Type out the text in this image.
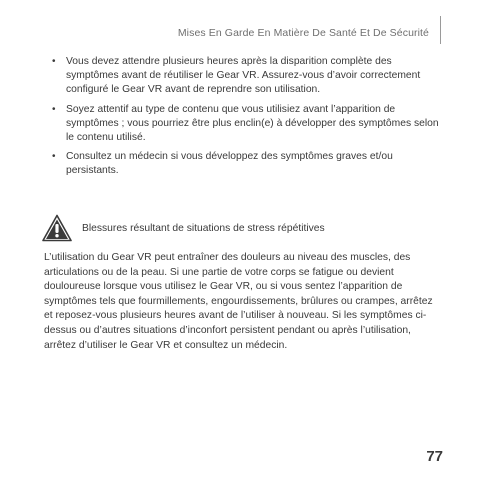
Mises En Garde En Matière De Santé Et De Sécurité
• Vous devez attendre plusieurs heures après la disparition complète des symptômes avant de réutiliser le Gear VR. Assurez-vous d’avoir correctement configuré le Gear VR avant de reprendre son utilisation.
• Soyez attentif au type de contenu que vous utilisiez avant l’apparition de symptômes ; vous pourriez être plus enclin(e) à développer des symptômes selon le contenu utilisé.
• Consultez un médecin si vous développez des symptômes graves et/ou persistants.
Blessures résultant de situations de stress répétitives

L’utilisation du Gear VR peut entraîner des douleurs au niveau des muscles, des articulations ou de la peau. Si une partie de votre corps se fatigue ou devient douloureuse lorsque vous utilisez le Gear VR, ou si vous sentez l’apparition de symptômes tels que fourmillements, engourdissements, brûlures ou crampes, arrêtez et reposez-vous plusieurs heures avant de l’utiliser à nouveau. Si les symptômes ci-dessus ou d’autres situations d’inconfort persistent pendant ou après l’utilisation, arrêtez d’utiliser le Gear VR et consultez un médecin.

77
